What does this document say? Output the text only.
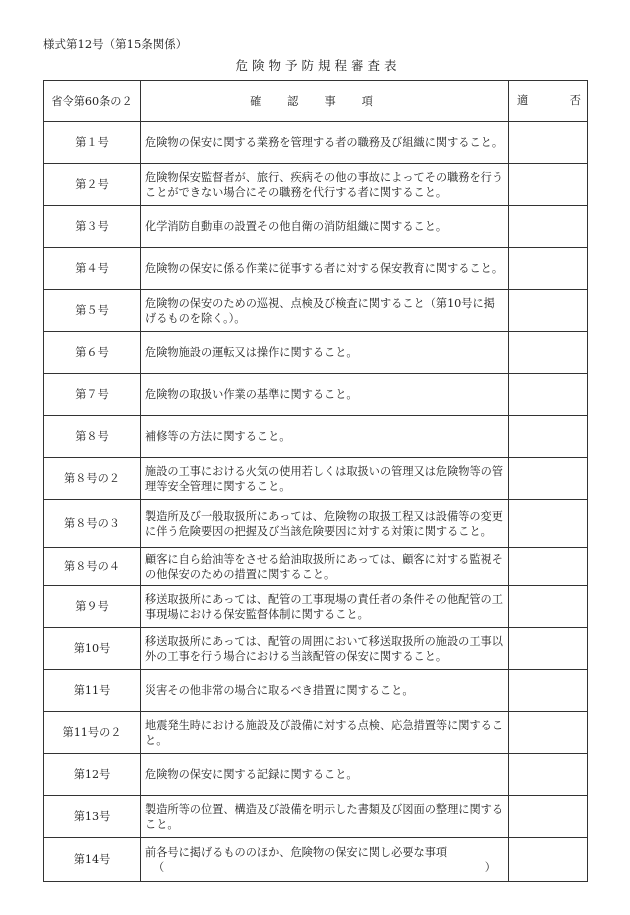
様式第12号（第15条関係）
危険物予防規程審査表
省令第60条の２	確認事項	適 否

第１号	危険物の保安に関する業務を管理する者の職務及び組織に関すること。	
第２号	危険物保安監督者が、旅行、疾病その他の事故によってその職務を行うことができない場合にその職務を代行する者に関すること。	
第３号	化学消防自動車の設置その他自衛の消防組織に関すること。	
第４号	危険物の保安に係る作業に従事する者に対する保安教育に関すること。	
第５号	危険物の保安のための巡視、点検及び検査に関すること（第10号に掲げるものを除く。）。	
第６号	危険物施設の運転又は操作に関すること。	
第７号	危険物の取扱い作業の基準に関すること。	
第８号	補修等の方法に関すること。	
第８号の２	施設の工事における火気の使用若しくは取扱いの管理又は危険物等の管理等安全管理に関すること。	
第８号の３	製造所及び一般取扱所にあっては、危険物の取扱工程又は設備等の変更に伴う危険要因の把握及び当該危険要因に対する対策に関すること。	
第８号の４	顧客に自ら給油等をさせる給油取扱所にあっては、顧客に対する監視その他保安のための措置に関すること。	
第９号	移送取扱所にあっては、配管の工事現場の責任者の条件その他配管の工事現場における保安監督体制に関すること。	
第10号	移送取扱所にあっては、配管の周囲において移送取扱所の施設の工事以外の工事を行う場合における当該配管の保安に関すること。	
第11号	災害その他非常の場合に取るべき措置に関すること。	
第11号の２	地震発生時における施設及び設備に対する点検、応急措置等に関すること。	
第12号	危険物の保安に関する記録に関すること。	
第13号	製造所等の位置、構造及び設備を明示した書類及び図面の整理に関すること。	
第14号	前各号に掲げるもののほか、危険物の保安に関し必要な事項
（ ）	
